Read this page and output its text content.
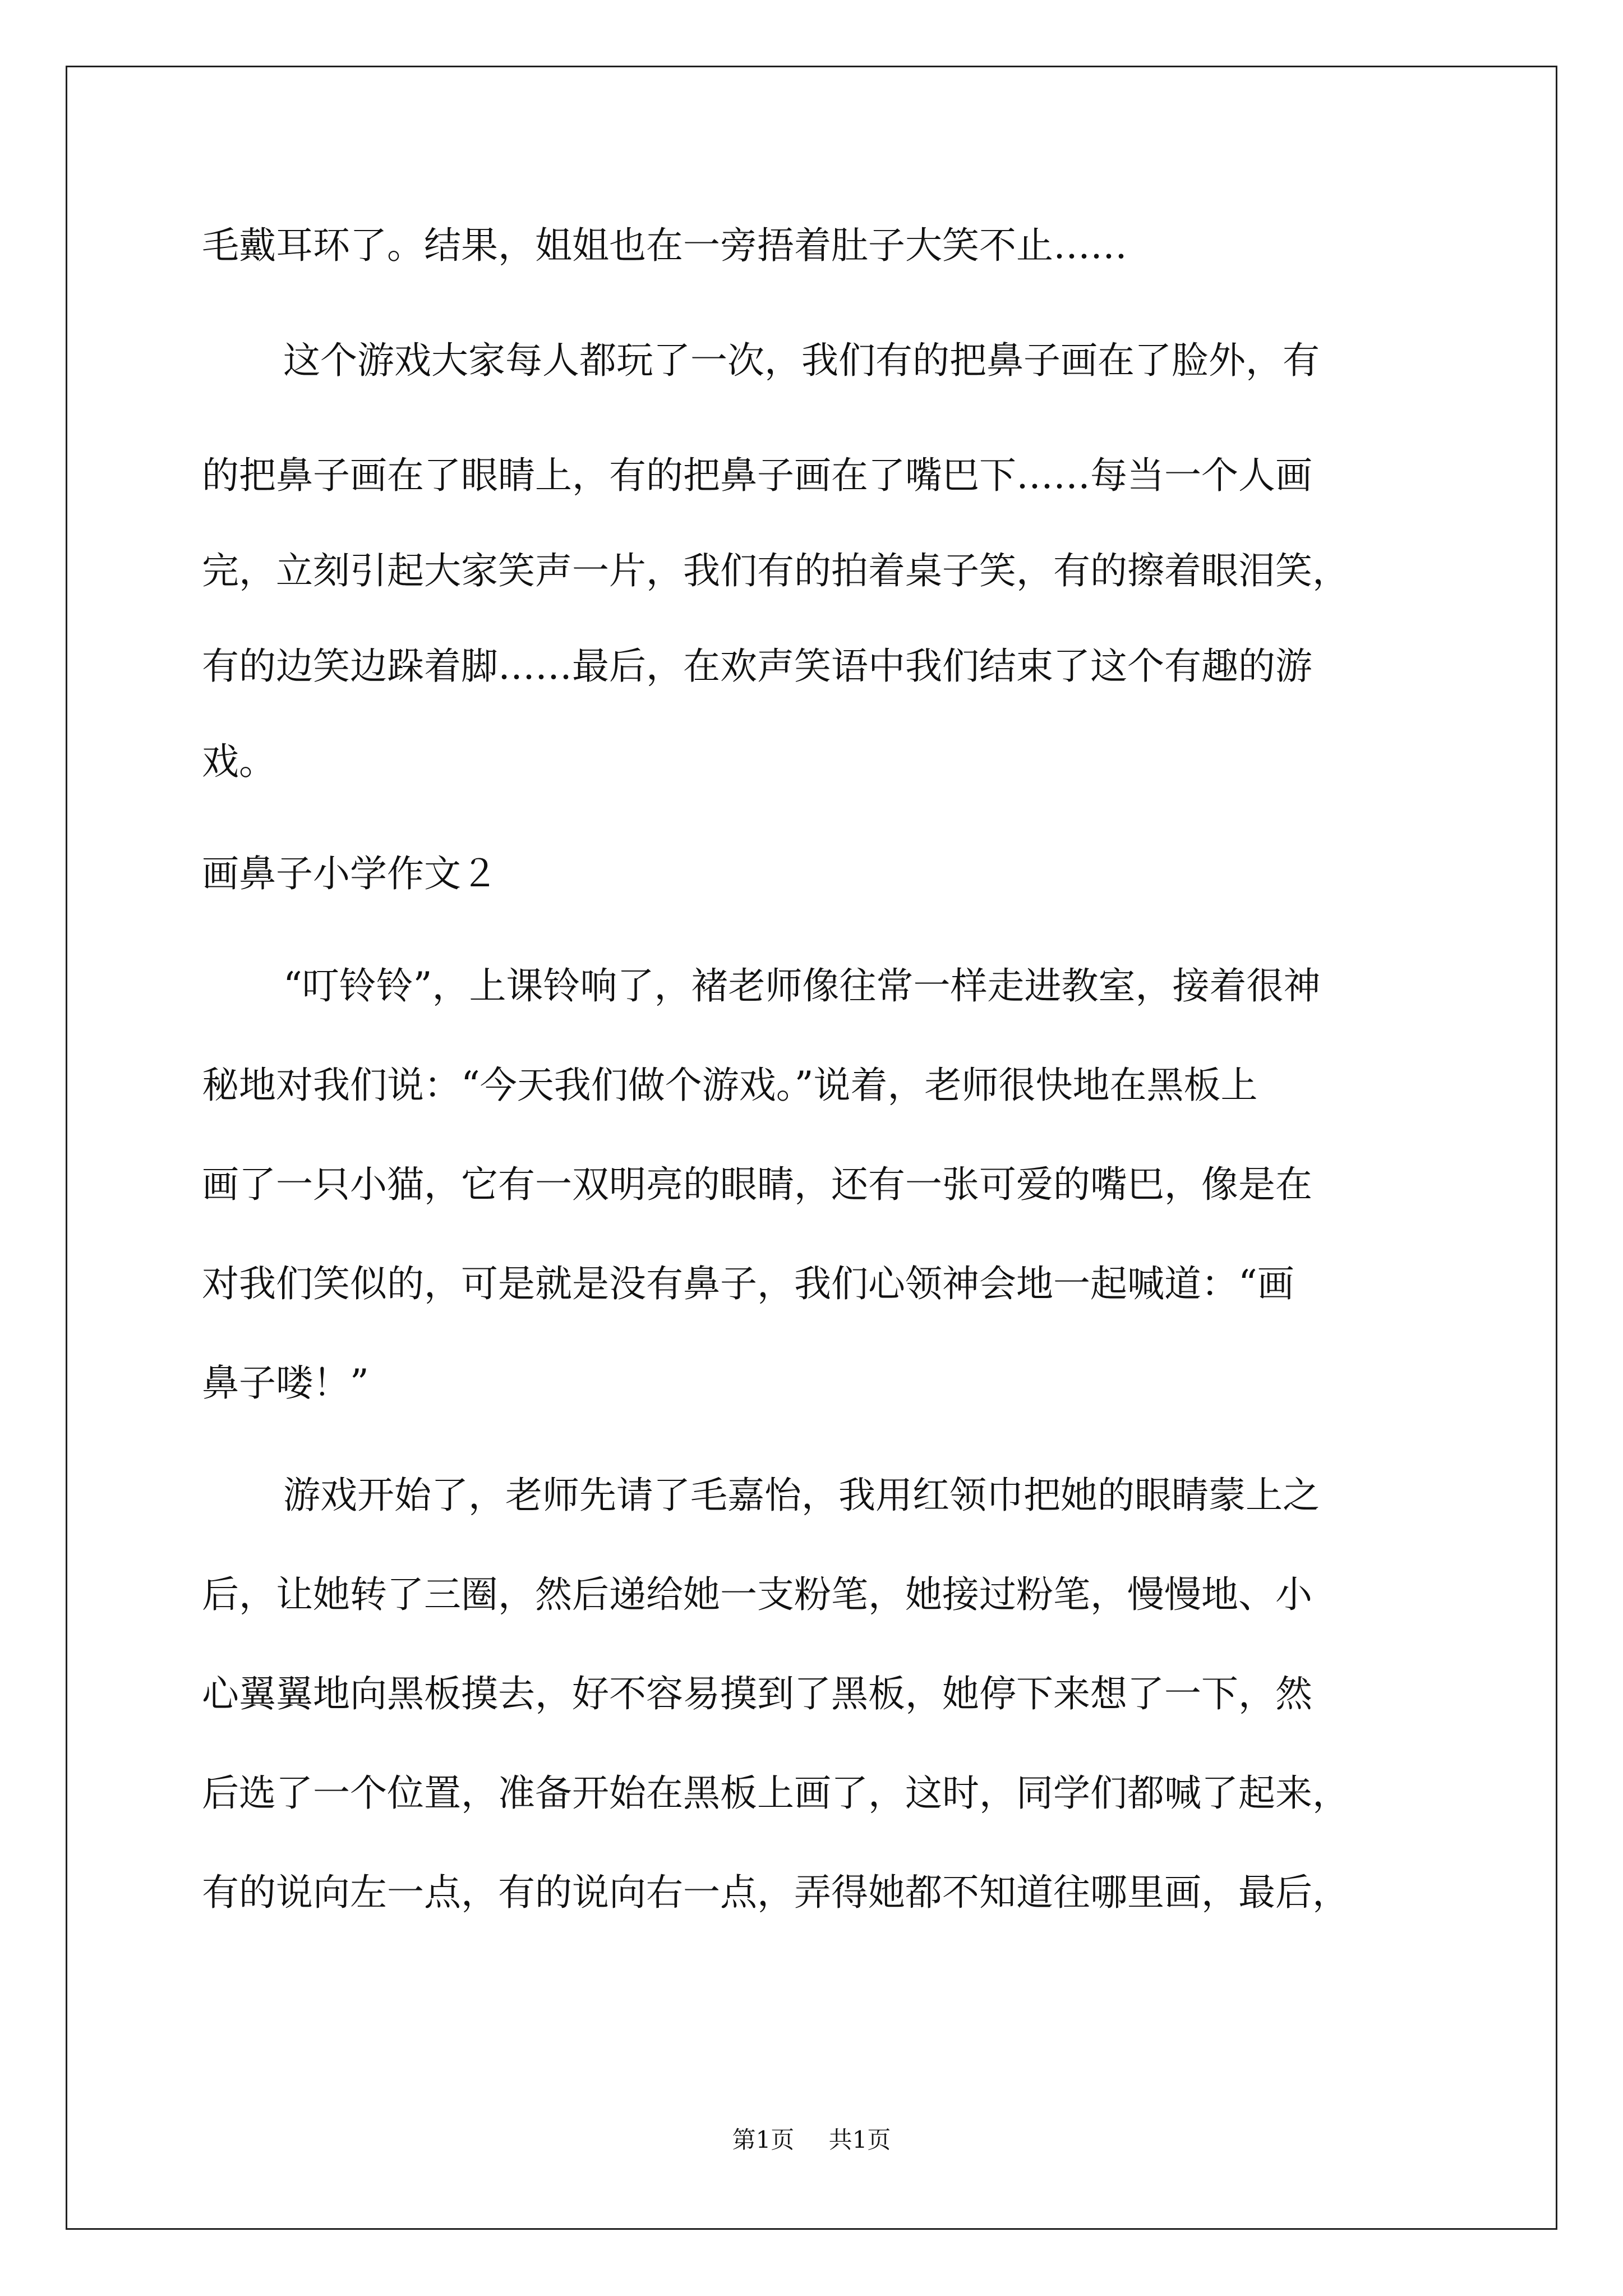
毛戴耳环了。结果，姐姐也在一旁捂着肚子大笑不止……
这个游戏大家每人都玩了一次，我们有的把鼻子画在了脸外，有
的把鼻子画在了眼睛上，有的把鼻子画在了嘴巴下……每当一个人画
完，立刻引起大家笑声一片，我们有的拍着桌子笑，有的擦着眼泪笑，
有的边笑边跺着脚……最后，在欢声笑语中我们结束了这个有趣的游
戏。
画鼻子小学作文２
“叮铃铃”，上课铃响了，褚老师像往常一样走进教室，接着很神
秘地对我们说：“今天我们做个游戏。”说着，老师很快地在黑板上
画了一只小猫，它有一双明亮的眼睛，还有一张可爱的嘴巴，像是在
对我们笑似的，可是就是没有鼻子，我们心领神会地一起喊道：“画
鼻子喽！”
游戏开始了，老师先请了毛嘉怡，我用红领巾把她的眼睛蒙上之
后，让她转了三圈，然后递给她一支粉笔，她接过粉笔，慢慢地、小
心翼翼地向黑板摸去，好不容易摸到了黑板，她停下来想了一下，然
后选了一个位置，准备开始在黑板上画了，这时，同学们都喊了起来，
有的说向左一点，有的说向右一点，弄得她都不知道往哪里画，最后，
第1页 共1页
